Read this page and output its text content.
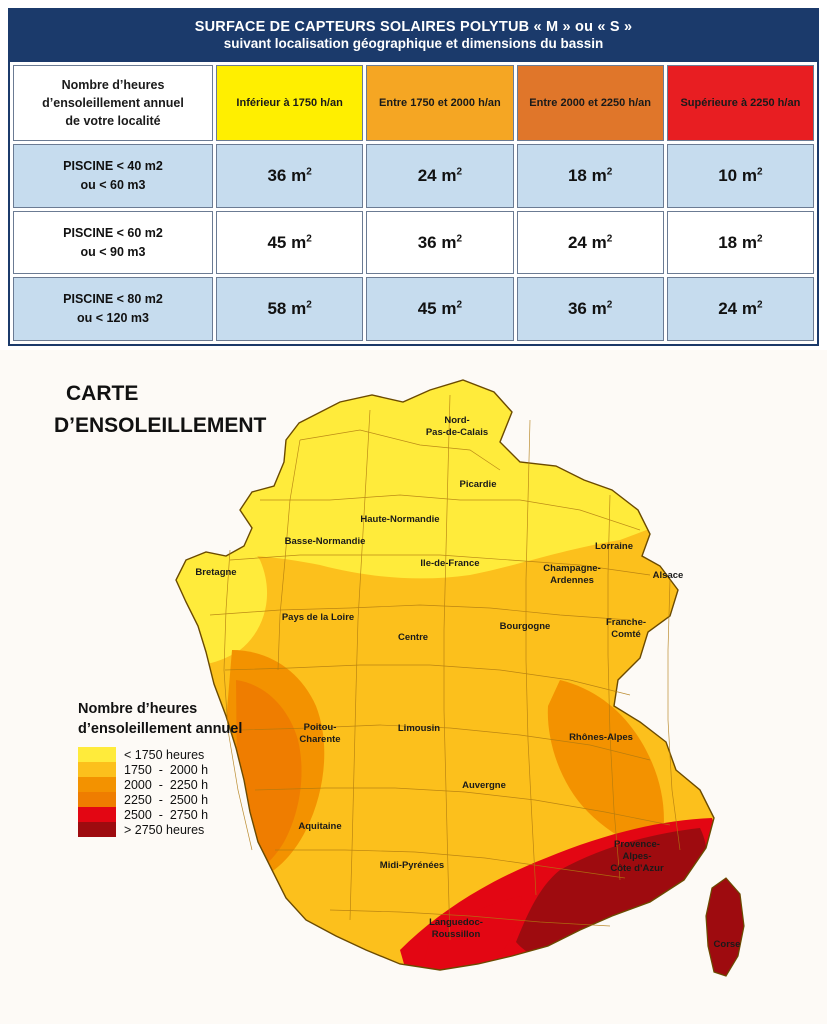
SURFACE DE CAPTEURS SOLAIRES POLYTUB « M » ou « S »
suivant localisation géographique et dimensions du bassin
Nombre d’heures
d’ensoleillement annuel
de votre localité	Inférieur à 1750 h/an	Entre 1750 et 2000 h/an	Entre 2000 et 2250 h/an	Supérieure à 2250 h/an
PISCINE < 40 m2
ou < 60 m3	36 $m^2$	24 $m^2$	18 $m^2$	10 $m^2$
PISCINE < 60 m2
ou < 90 m3	45 $m^2$	36 $m^2$	24 $m^2$	18 $m^2$
PISCINE < 80 m2
ou < 120 m3	58 $m^2$	45 $m^2$	36 $m^2$	24 $m^2$
CARTE
D’ENSOLEILLEMENT	Nord-
Pas-de-Calais
Picardie
Haute-Normandie
Basse-Normandie
Ile-de-France
Lorraine
Champagne-
Ardennes	Alsace
Bretagne
Pays de la Loire
Centre
Bourgogne	Franche-
Comté
Poitou-
Charente
Limousin
Rhônes-Alpes
Auvergne
Aquitaine
Midi-Pyrénées
Provence-
Alpes-
Côte d’Azur
Languedoc-
Roussillon
Corse
Nombre d’heures
d’ensoleillement annuel
< 1750 heures
1750  -  2000 h
2000  -  2250 h
2250  -  2500 h
2500  -  2750 h
> 2750 heures
